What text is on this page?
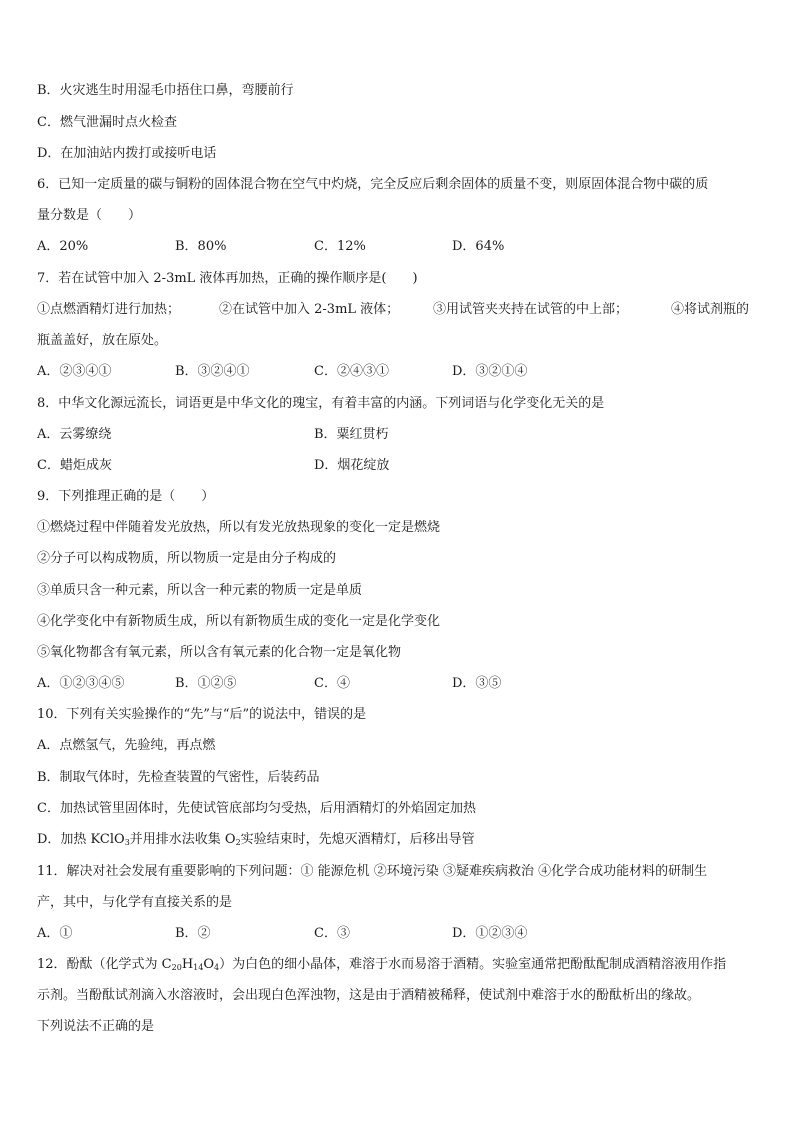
B．火灾逃生时用湿毛巾捂住口鼻，弯腰前行
C．燃气泄漏时点火检查
D．在加油站内拨打或接听电话
6．已知一定质量的碳与铜粉的固体混合物在空气中灼烧，完全反应后剩余固体的质量不变，则原固体混合物中碳的质
量分数是（　　）
A．20%	B．80%	C．12%	D．64%
7．若在试管中加入 2-3mL 液体再加热，正确的操作顺序是(　　)
①点燃酒精灯进行加热；	②在试管中加入 2-3mL 液体；	③用试管夹夹持在试管的中上部；	④将试剂瓶的
瓶盖盖好，放在原处。
A．②③④①	B．③②④①	C．②④③①	D．③②①④
8．中华文化源远流长，词语更是中华文化的瑰宝，有着丰富的内涵。下列词语与化学变化无关的是
A．云雾缭绕	B．粟红贯朽
C．蜡炬成灰	D．烟花绽放
9．下列推理正确的是（　　）
①燃烧过程中伴随着发光放热，所以有发光放热现象的变化一定是燃烧
②分子可以构成物质，所以物质一定是由分子构成的
③单质只含一种元素，所以含一种元素的物质一定是单质
④化学变化中有新物质生成，所以有新物质生成的变化一定是化学变化
⑤氧化物都含有氧元素，所以含有氧元素的化合物一定是氧化物
A．①②③④⑤	B．①②⑤	C．④	D．③⑤
10．下列有关实验操作的“先”与“后”的说法中，错误的是
A．点燃氢气，先验纯，再点燃
B．制取气体时，先检查装置的气密性，后装药品
C．加热试管里固体时，先使试管底部均匀受热，后用酒精灯的外焰固定加热
D．加热 KClO$_3$并用排水法收集 $O_2$实验结束时，先熄灭酒精灯，后移出导管
11．解决对社会发展有重要影响的下列问题：① 能源危机 ②环境污染 ③疑难疾病救治 ④化学合成功能材料的研制生
产，其中，与化学有直接关系的是
A．①	B．②	C．③	D．①②③④
12．酚酞（化学式为 $C_{20}H_{14}O_4$）为白色的细小晶体，难溶于水而易溶于酒精。实验室通常把酚酞配制成酒精溶液用作指
示剂。当酚酞试剂滴入水溶液时，会出现白色浑浊物，这是由于酒精被稀释，使试剂中难溶于水的酚酞析出的缘故。
下列说法不正确的是
